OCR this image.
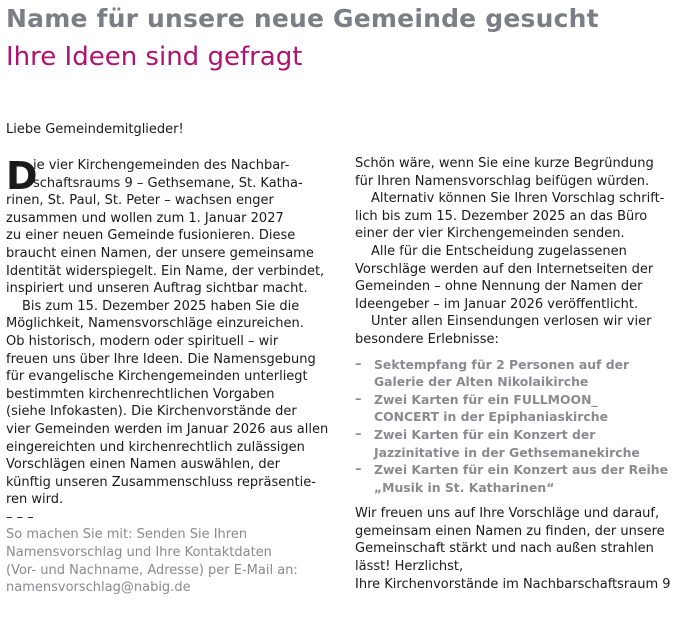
Name für unsere neue Gemeinde gesucht
Ihre Ideen sind gefragt
Liebe Gemeindemitglieder!
D
ie vier Kirchengemeinden des Nachbar-
schaftsraums 9 – Gethsemane, St. Katha-
rinen, St. Paul, St. Peter – wachsen enger
zusammen und wollen zum 1. Januar 2027
zu einer neuen Gemeinde fusionieren. Diese
braucht einen Namen, der unsere gemeinsame
Identität widerspiegelt. Ein Name, der verbindet,
inspiriert und unseren Auftrag sichtbar macht.
Bis zum 15. Dezember 2025 haben Sie die
Möglichkeit, Namensvorschläge einzureichen.
Ob historisch, modern oder spirituell – wir
freuen uns über Ihre Ideen. Die Namensgebung
für evangelische Kirchengemeinden unterliegt
bestimmten kirchenrechtlichen Vorgaben
(siehe Infokasten). Die Kirchenvorstände der
vier Gemeinden werden im Januar 2026 aus allen
eingereichten und kirchenrechtlich zulässigen
Vorschlägen einen Namen auswählen, der
künftig unseren Zusammenschluss repräsentie-
ren wird.
– – –
So machen Sie mit: Senden Sie Ihren
Namensvorschlag und Ihre Kontaktdaten
(Vor- und Nachname, Adresse) per E-Mail an:
namensvorschlag@nabig.de
Schön wäre, wenn Sie eine kurze Begründung
für Ihren Namensvorschlag beifügen würden.
Alternativ können Sie Ihren Vorschlag schrift-
lich bis zum 15. Dezember 2025 an das Büro
einer der vier Kirchengemeinden senden.
Alle für die Entscheidung zugelassenen
Vorschläge werden auf den Internetseiten der
Gemeinden – ohne Nennung der Namen der
Ideengeber – im Januar 2026 veröffentlicht.
Unter allen Einsendungen verlosen wir vier
besondere Erlebnisse:
– Sektempfang für 2 Personen auf der
Galerie der Alten Nikolaikirche
– Zwei Karten für ein FULLMOON_
CONCERT in der Epiphaniaskirche
– Zwei Karten für ein Konzert der
Jazzinitative in der Gethsemanekirche
– Zwei Karten für ein Konzert aus der Reihe
„Musik in St. Katharinen“
Wir freuen uns auf Ihre Vorschläge und darauf,
gemeinsam einen Namen zu finden, der unsere
Gemeinschaft stärkt und nach außen strahlen
lässt! Herzlichst,
Ihre Kirchenvorstände im Nachbarschaftsraum 9
